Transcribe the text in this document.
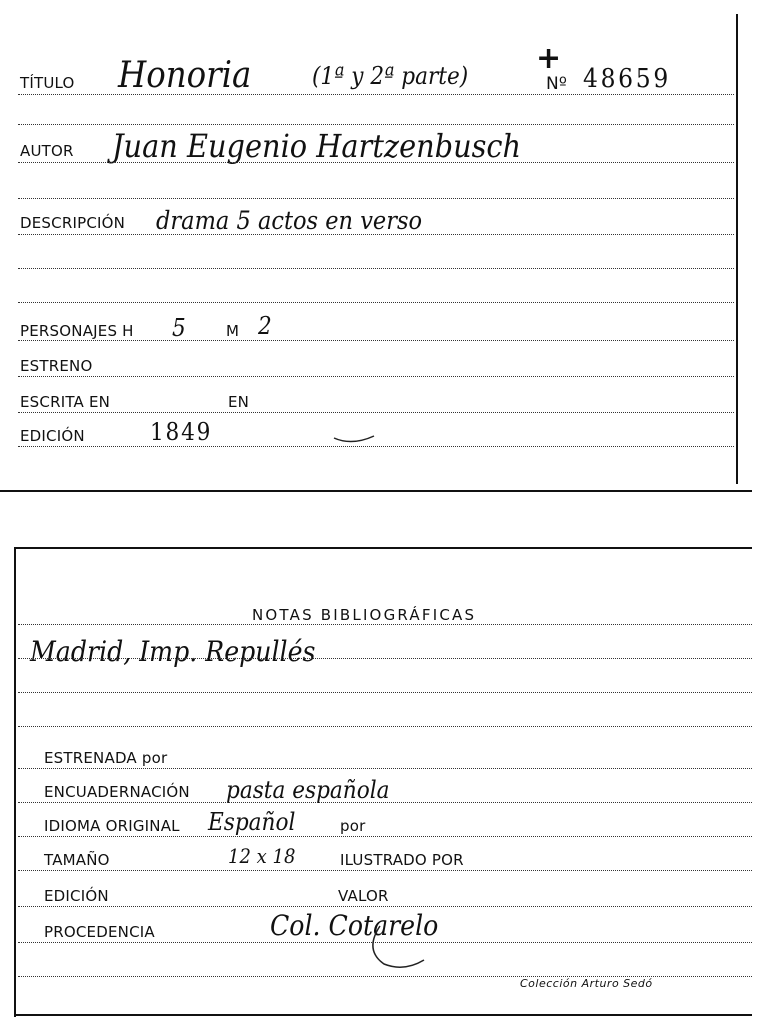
+
TÍTULO Honoria	(1ª y 2ª parte)	Nº 48659
AUTOR Juan Eugenio Hartzenbusch
DESCRIPCIÓN drama 5 actos en verso
PERSONAJES H 5	M 2
ESTRENO
ESCRITA EN	EN
EDICIÓN	1849
NOTAS BIBLIOGRÁFICAS
Madrid, Imp. Repullés
ESTRENADA por
ENCUADERNACIÓN pasta española
IDIOMA ORIGINAL Español	por
TAMAÑO	12 x 18	ILUSTRADO POR
EDICIÓN	VALOR
PROCEDENCIA	Col. Cotarelo
Colección Arturo Sedó
